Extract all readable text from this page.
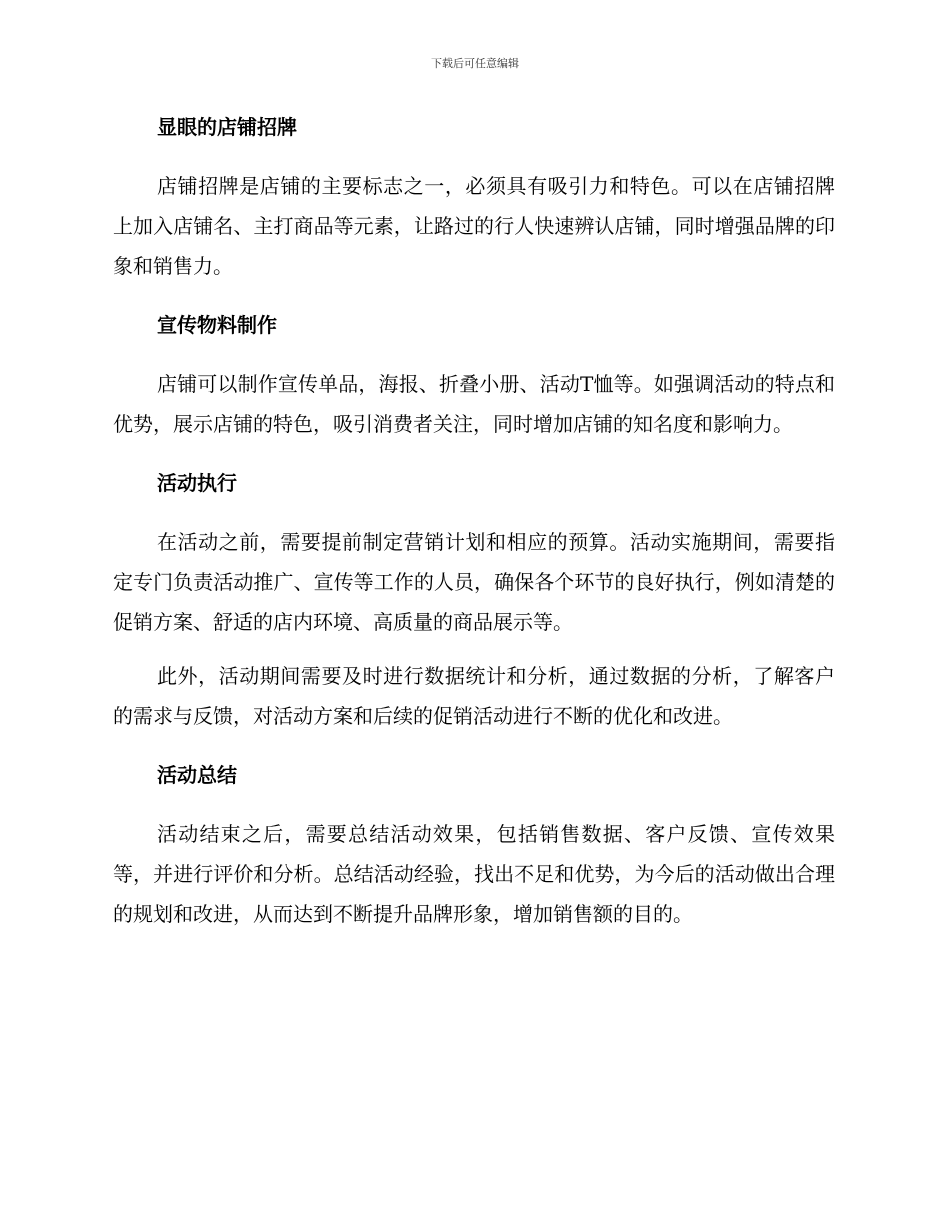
下载后可任意编辑
显眼的店铺招牌

店铺招牌是店铺的主要标志之一，必须具有吸引力和特色。可以在店铺招牌上加入店铺名、主打商品等元素，让路过的行人快速辨认店铺，同时增强品牌的印象和销售力。

宣传物料制作

店铺可以制作宣传单品，海报、折叠小册、活动T恤等。如强调活动的特点和优势，展示店铺的特色，吸引消费者关注，同时增加店铺的知名度和影响力。

活动执行

在活动之前，需要提前制定营销计划和相应的预算。活动实施期间，需要指定专门负责活动推广、宣传等工作的人员，确保各个环节的良好执行，例如清楚的促销方案、舒适的店内环境、高质量的商品展示等。

此外，活动期间需要及时进行数据统计和分析，通过数据的分析，了解客户的需求与反馈，对活动方案和后续的促销活动进行不断的优化和改进。

活动总结

活动结束之后，需要总结活动效果，包括销售数据、客户反馈、宣传效果等，并进行评价和分析。总结活动经验，找出不足和优势，为今后的活动做出合理的规划和改进，从而达到不断提升品牌形象，增加销售额的目的。
